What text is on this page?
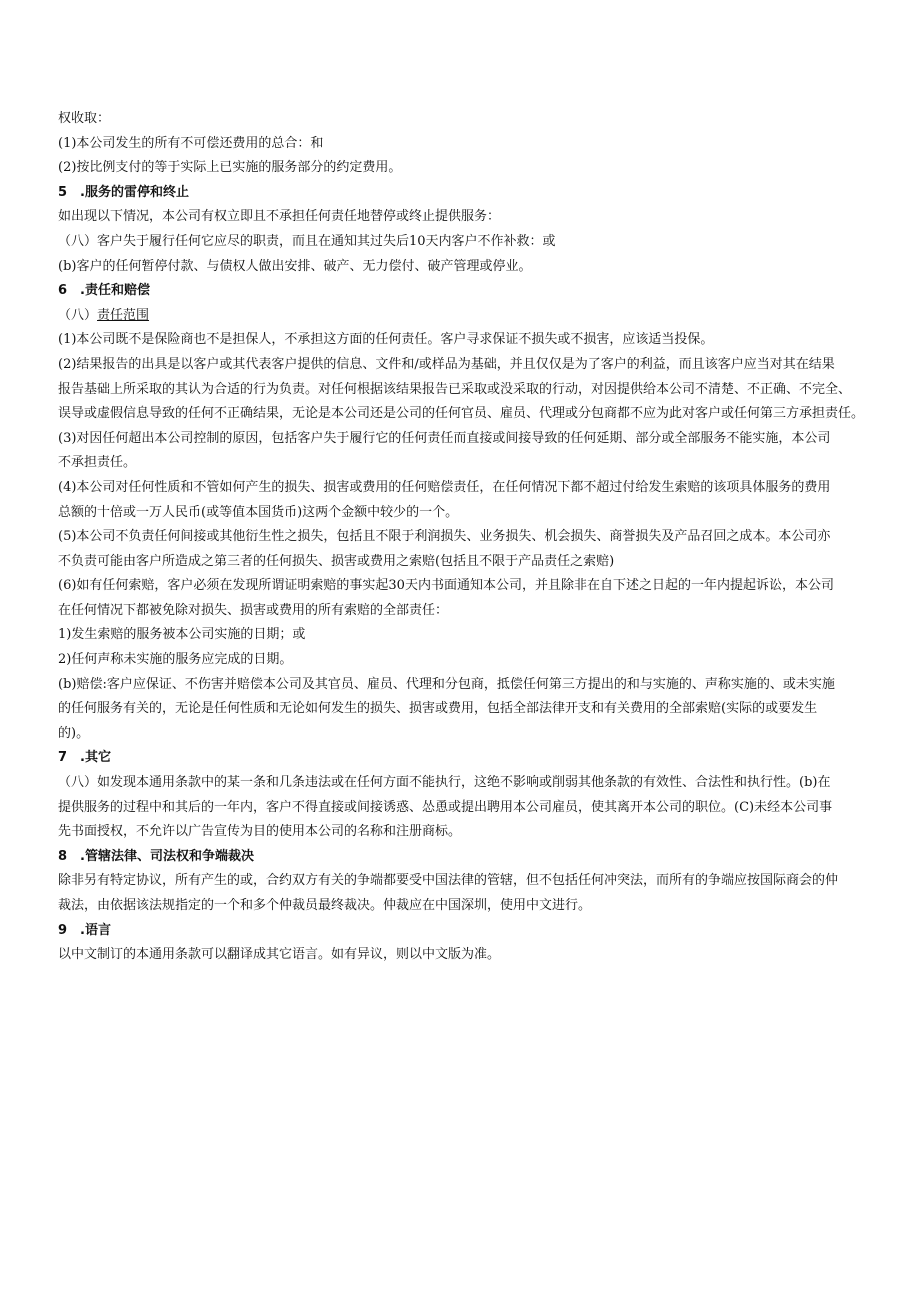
权收取：
(1)本公司发生的所有不可偿还费用的总合：和
(2)按比例支付的等于实际上已实施的服务部分的约定费用。
5 .服务的雷停和终止
如出现以下情况，本公司有权立即且不承担任何责任地替停或终止提供服务：
（八）客户失于履行任何它应尽的职责，而且在通知其过失后10天内客户不作补救：或
(b)客户的任何暂停付款、与债权人做出安排、破产、无力偿付、破产管理或停业。
6 .责任和赔偿
（八）责任范围
(1)本公司既不是保险商也不是担保人，不承担这方面的任何责任。客户寻求保证不损失或不损害，应该适当投保。
(2)结果报告的出具是以客户或其代表客户提供的信息、文件和/或样品为基础，并且仅仅是为了客户的利益，而且该客户应当对其在结果
报告基础上所采取的其认为合适的行为负责。对任何根据该结果报告已采取或没采取的行动，对因提供给本公司不清楚、不正确、不完全、
误导或虚假信息导致的任何不正确结果，无论是本公司还是公司的任何官员、雇员、代理或分包商都不应为此对客户或任何第三方承担责任。
(3)对因任何超出本公司控制的原因，包括客户失于履行它的任何责任而直接或间接导致的任何延期、部分或全部服务不能实施，本公司
不承担责任。
(4)本公司对任何性质和不管如何产生的损失、损害或费用的任何赔偿责任，在任何情况下都不超过付给发生索赔的该项具体服务的费用
总额的十倍或一万人民币(或等值本国货币)这两个金额中较少的一个。
(5)本公司不负责任何间接或其他衍生性之损失，包括且不限于利润损失、业务损失、机会损失、商誉损失及产品召回之成本。本公司亦
不负责可能由客户所造成之第三者的任何损失、损害或费用之索赔(包括且不限于产品责任之索赔)
(6)如有任何索赔，客户必须在发现所谓证明索赔的事实起30天内书面通知本公司，并且除非在自下述之日起的一年内提起诉讼，本公司
在任何情况下都被免除对损失、损害或费用的所有索赔的全部责任：
1)发生索赔的服务被本公司实施的日期；或
2)任何声称未实施的服务应完成的日期。
(b)赔偿:客户应保证、不伤害并赔偿本公司及其官员、雇员、代理和分包商，抵偿任何第三方提出的和与实施的、声称实施的、或未实施
的任何服务有关的，无论是任何性质和无论如何发生的损失、损害或费用，包括全部法律开支和有关费用的全部索赔(实际的或要发生
的)。
7 .其它
（八）如发现本通用条款中的某一条和几条违法或在任何方面不能执行，这绝不影响或削弱其他条款的有效性、合法性和执行性。(b)在
提供服务的过程中和其后的一年内，客户不得直接或间接诱惑、怂恿或提出聘用本公司雇员，使其离开本公司的职位。(C)未经本公司事
先书面授权，不允许以广告宣传为目的使用本公司的名称和注册商标。
8 .管辖法律、司法权和争端裁决
除非另有特定协议，所有产生的或，合约双方有关的争端都要受中国法律的管辖，但不包括任何冲突法，而所有的争端应按国际商会的仲
裁法，由依据该法规指定的一个和多个仲裁员最终裁决。仲裁应在中国深圳，使用中文进行。
9 .语言
以中文制订的本通用条款可以翻译成其它语言。如有异议，则以中文版为准。
